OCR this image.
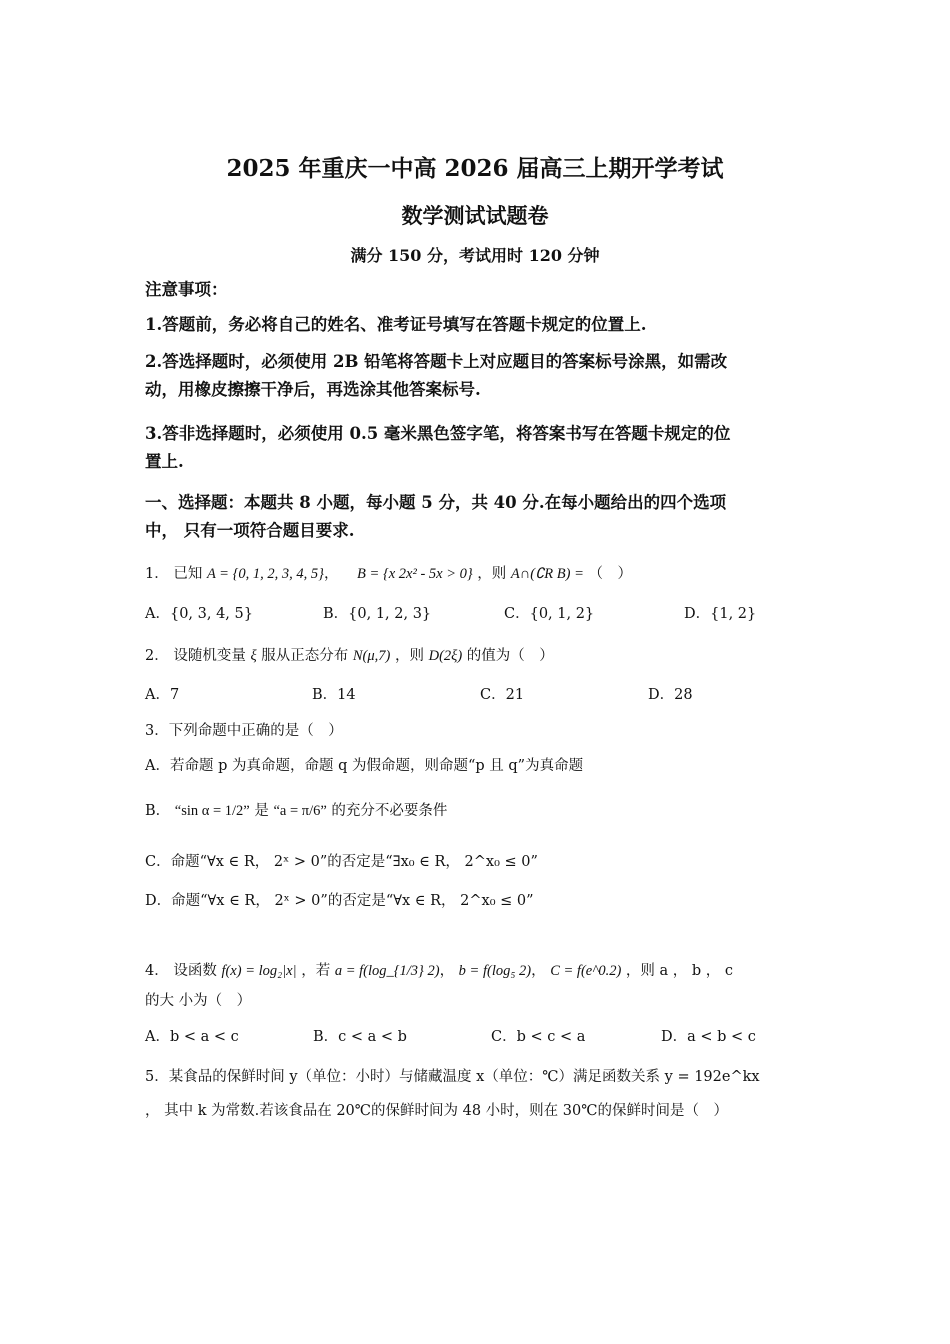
2025 年重庆一中高 2026 届高三上期开学考试
数学测试试题卷
满分 150 分，考试用时 120 分钟
注意事项：
1.答题前，务必将自己的姓名、准考证号填写在答题卡规定的位置上.
2.答选择题时，必须使用 2B 铅笔将答题卡上对应题目的答案标号涂黑，如需改
动，用橡皮擦擦干净后，再选涂其他答案标号.
3.答非选择题时，必须使用 0.5 毫米黑色签字笔，将答案书写在答题卡规定的位
置上.
一、选择题：本题共 8 小题，每小题 5 分，共 40 分.在每小题给出的四个选项
中， 只有一项符合题目要求.
1． 已知 A = {0, 1, 2, 3, 4, 5}， B = {x 2x² - 5x > 0} ，则 A∩(∁R B) = （　）
A．{0, 3, 4, 5}	B．{0, 1, 2, 3}	C．{0, 1, 2}	D．{1, 2}
2． 设随机变量 ξ 服从正态分布 N(μ,7) ，则 D(2ξ) 的值为（　）
A．7	B．14	C．21	D．28
3．下列命题中正确的是（　）
A．若命题 p 为真命题，命题 q 为假命题，则命题“p 且 q”为真命题
B． “sin α = 1/2” 是 “a = π/6” 的充分不必要条件
C．命题“∀x ∈ R， 2ˣ > 0”的否定是“∃x₀ ∈ R， 2^x₀ ≤ 0”
D．命题“∀x ∈ R， 2ˣ > 0”的否定是“∀x ∈ R， 2^x₀ ≤ 0”
4． 设函数 f(x) = log₂|x| ，若 a = f(log_{1/3} 2)， b = f(log₅ 2)， C = f(e^0.2) ，则 a ， b ， c
的大 小为（　）
A．b < a < c	B．c < a < b	C．b < c < a	D．a < b < c
5．某食品的保鲜时间 y（单位：小时）与储藏温度 x（单位：℃）满足函数关系 y = 192e^kx
， 其中 k 为常数.若该食品在 20℃的保鲜时间为 48 小时，则在 30℃的保鲜时间是（　）
